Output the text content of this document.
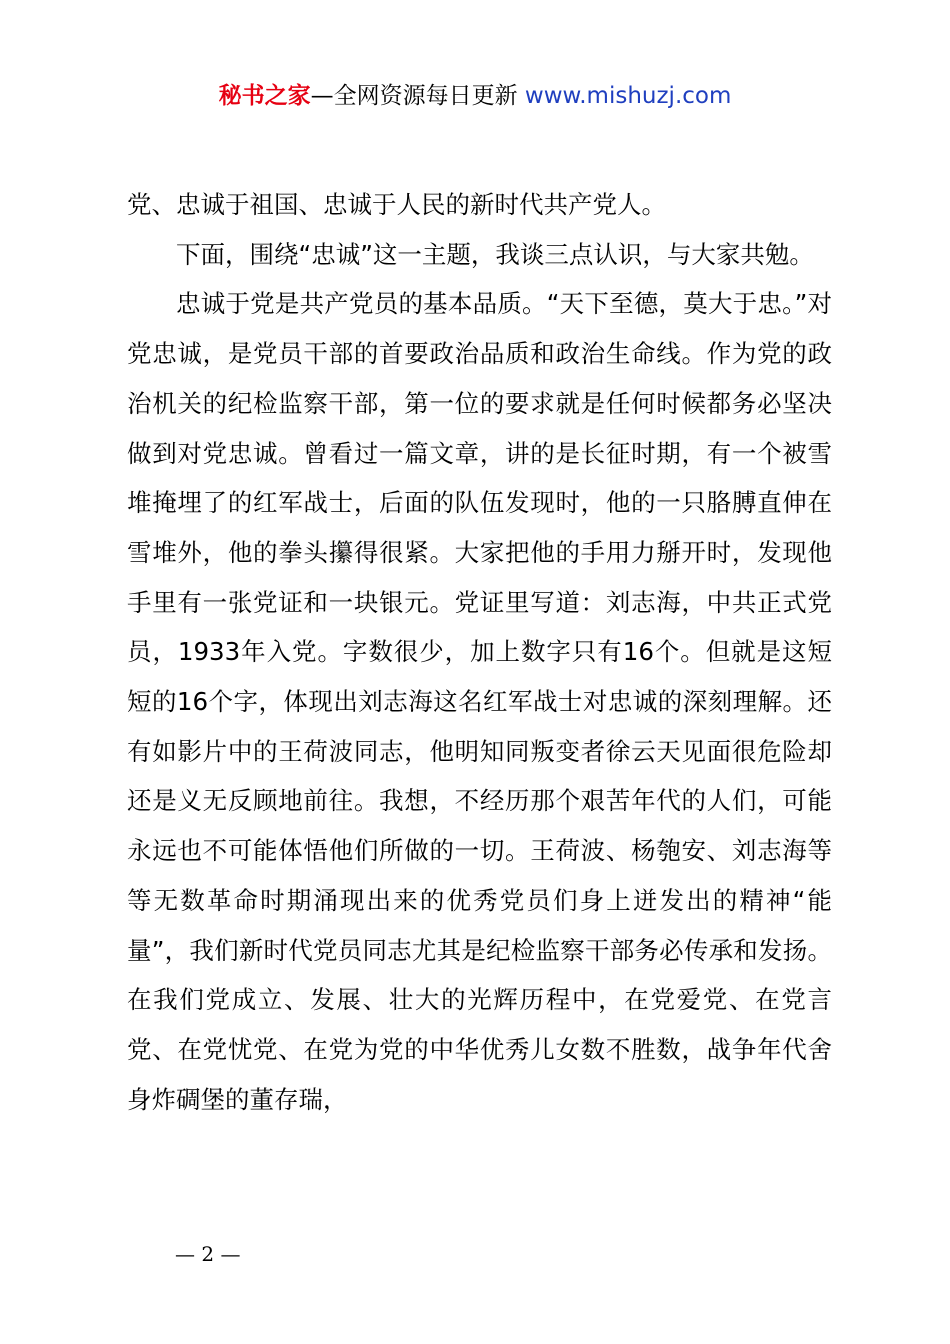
秘书之家—全网资源每日更新 www.mishuzj.com

党、忠诚于祖国、忠诚于人民的新时代共产党人。

下面，围绕“忠诚”这一主题，我谈三点认识，与大家共勉。

忠诚于党是共产党员的基本品质。“天下至德，莫大于忠。”对党忠诚，是党员干部的首要政治品质和政治生命线。作为党的政治机关的纪检监察干部，第一位的要求就是任何时候都务必坚决做到对党忠诚。曾看过一篇文章，讲的是长征时期，有一个被雪堆掩埋了的红军战士，后面的队伍发现时，他的一只胳膊直伸在雪堆外，他的拳头攥得很紧。大家把他的手用力掰开时，发现他手里有一张党证和一块银元。党证里写道：刘志海，中共正式党员，1933年入党。字数很少，加上数字只有16个。但就是这短短的16个字，体现出刘志海这名红军战士对忠诚的深刻理解。还有如影片中的王荷波同志，他明知同叛变者徐云天见面很危险却还是义无反顾地前往。我想，不经历那个艰苦年代的人们，可能永远也不可能体悟他们所做的一切。王荷波、杨匏安、刘志海等等无数革命时期涌现出来的优秀党员们身上迸发出的精神“能量”，我们新时代党员同志尤其是纪检监察干部务必传承和发扬。在我们党成立、发展、壮大的光辉历程中，在党爱党、在党言党、在党忧党、在党为党的中华优秀儿女数不胜数，战争年代舍身炸碉堡的董存瑞，

— 2 —
